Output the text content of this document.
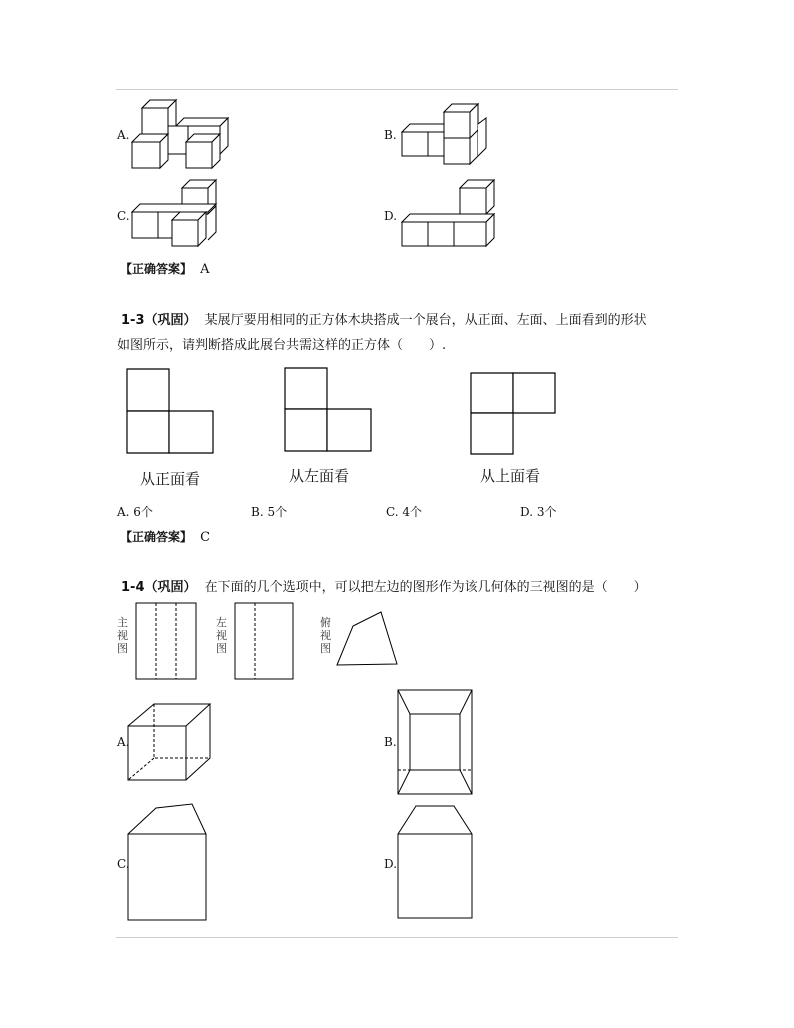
A.	B.
C.	D.
【正确答案】 A
1-3（巩固） 某展厅要用相同的正方体木块搭成一个展台，从正面、左面、上面看到的形状
如图所示，请判断搭成此展台共需这样的正方体（　　）.
从正面看	从左面看	从上面看
A. 6个	B. 5个	C. 4个	D. 3个
【正确答案】 C
1-4（巩固） 在下面的几个选项中，可以把左边的图形作为该几何体的三视图的是（　　）
主
视
图
左
视
图
俯
视
图
A.	B.
C.	D.
